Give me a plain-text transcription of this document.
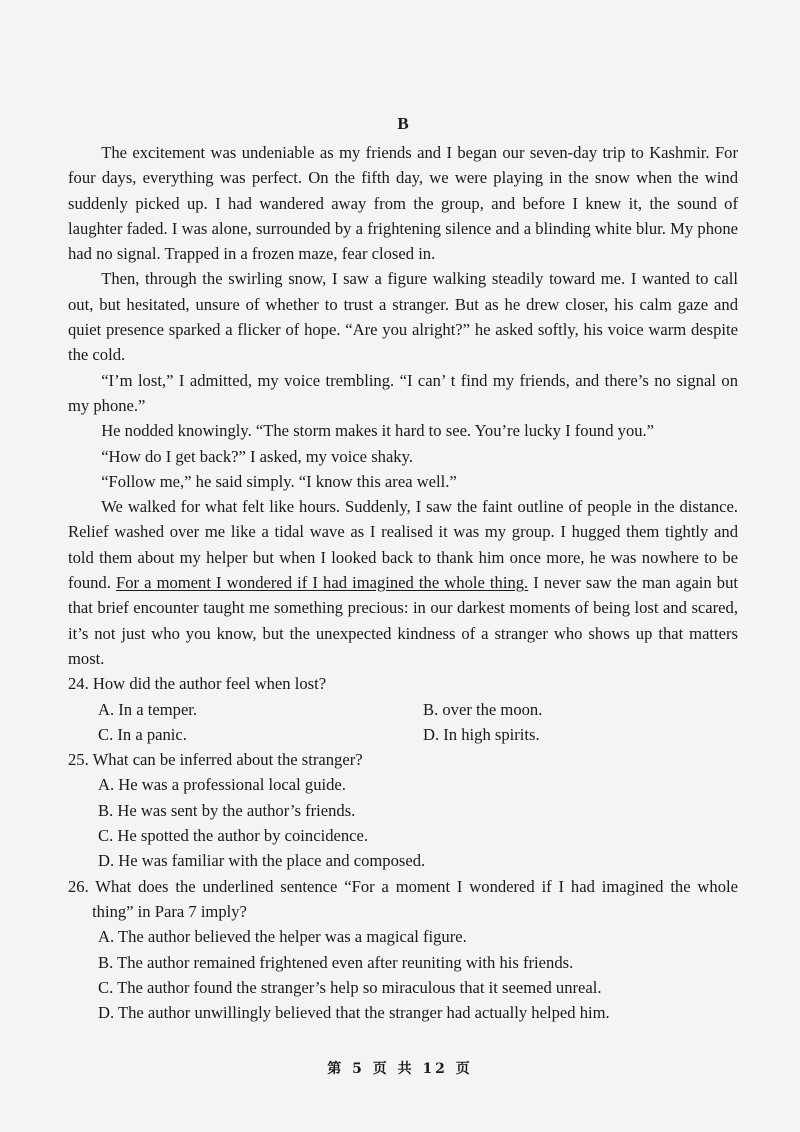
B

The excitement was undeniable as my friends and I began our seven-day trip to Kashmir. For four days, everything was perfect. On the fifth day, we were playing in the snow when the wind suddenly picked up. I had wandered away from the group, and before I knew it, the sound of laughter faded. I was alone, surrounded by a frightening silence and a blinding white blur. My phone had no signal. Trapped in a frozen maze, fear closed in.

Then, through the swirling snow, I saw a figure walking steadily toward me. I wanted to call out, but hesitated, unsure of whether to trust a stranger. But as he drew closer, his calm gaze and quiet presence sparked a flicker of hope. “Are you alright?” he asked softly, his voice warm despite the cold.

“I’m lost,” I admitted, my voice trembling. “I can’ t find my friends, and there’s no signal on my phone.”

He nodded knowingly. “The storm makes it hard to see. You’re lucky I found you.”

“How do I get back?” I asked, my voice shaky.

“Follow me,” he said simply. “I know this area well.”

We walked for what felt like hours. Suddenly, I saw the faint outline of people in the distance. Relief washed over me like a tidal wave as I realised it was my group. I hugged them tightly and told them about my helper but when I looked back to thank him once more, he was nowhere to be found. For a moment I wondered if I had imagined the whole thing. I never saw the man again but that brief encounter taught me something precious: in our darkest moments of being lost and scared, it’s not just who you know, but the unexpected kindness of a stranger who shows up that matters most.

24. How did the author feel when lost?
A. In a temper.	B. over the moon.
C. In a panic.	D. In high spirits.
25. What can be inferred about the stranger?
A. He was a professional local guide.
B. He was sent by the author’s friends.
C. He spotted the author by coincidence.
D. He was familiar with the place and composed.
26. What does the underlined sentence “For a moment I wondered if I had imagined the whole thing” in Para 7 imply?
A. The author believed the helper was a magical figure.
B. The author remained frightened even after reuniting with his friends.
C. The author found the stranger’s help so miraculous that it seemed unreal.
D. The author unwillingly believed that the stranger had actually helped him.
第 5 页 共 12 页
